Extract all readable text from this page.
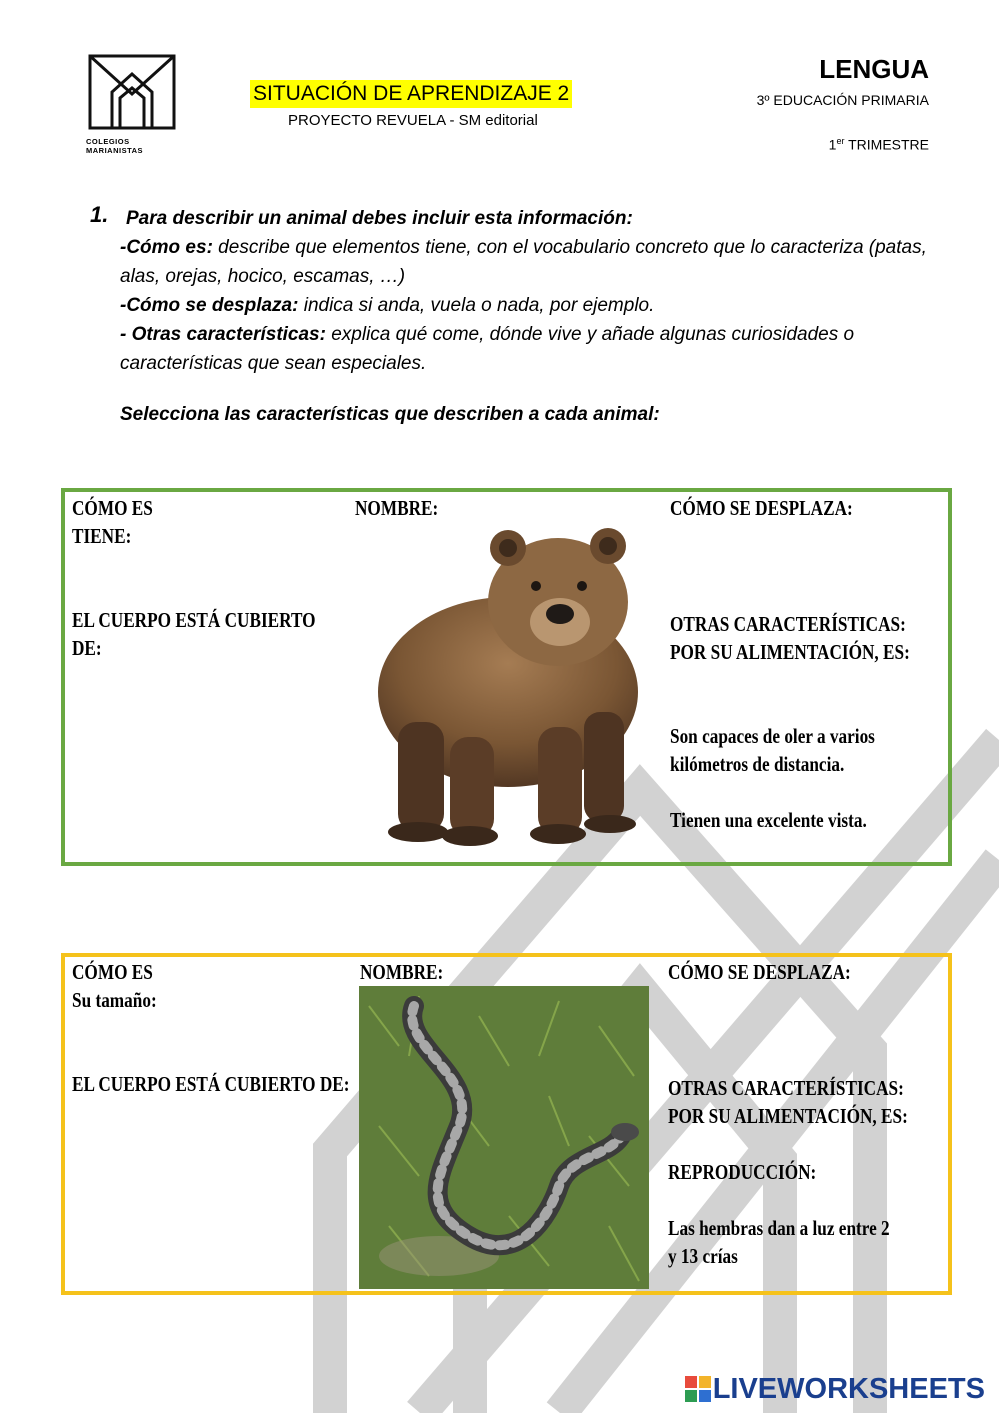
COLEGIOS
MARIANISTAS
SITUACIÓN DE APRENDIZAJE 2
PROYECTO REVUELA - SM editorial
LENGUA
3º EDUCACIÓN PRIMARIA
1er TRIMESTRE
1. Para describir un animal debes incluir esta información:

-Cómo es: describe que elementos tiene, con el vocabulario concreto que lo caracteriza (patas, alas, orejas, hocico, escamas, …)

-Cómo se desplaza: indica si anda, vuela o nada, por ejemplo.

- Otras características: explica qué come, dónde vive y añade algunas curiosidades o características que sean especiales.

Selecciona las características que describen a cada animal:
CÓMO ES
TIENE:
EL CUERPO ESTÁ CUBIERTO
DE:
NOMBRE:	CÓMO SE DESPLAZA:
OTRAS CARACTERÍSTICAS:
POR SU ALIMENTACIÓN, ES:
Son capaces de oler a varios
kilómetros de distancia.
Tienen una excelente vista.
CÓMO ES
Su tamaño:
EL CUERPO ESTÁ CUBIERTO DE:
NOMBRE:	CÓMO SE DESPLAZA:
OTRAS CARACTERÍSTICAS:
POR SU ALIMENTACIÓN, ES:
REPRODUCCIÓN:
Las hembras dan a luz entre 2
y 13 crías
LIVEWORKSHEETS
